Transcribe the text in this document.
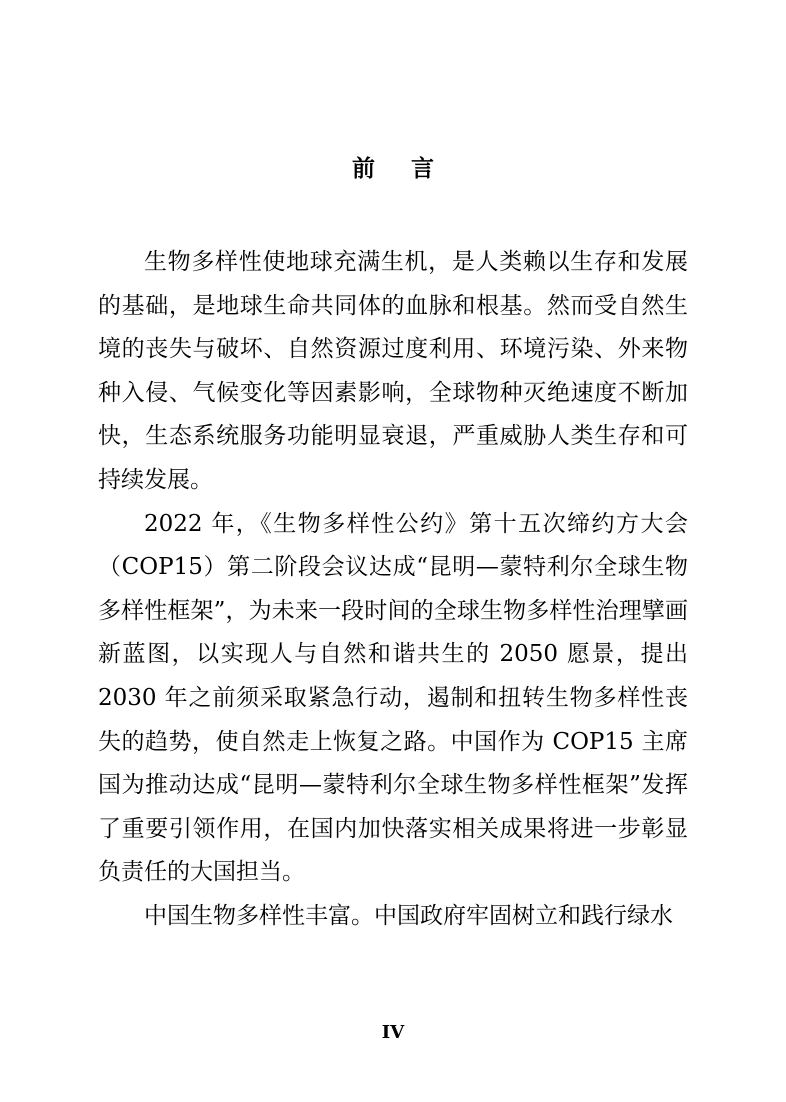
前言

生物多样性使地球充满生机，是人类赖以生存和发展的基础，是地球生命共同体的血脉和根基。然而受自然生境的丧失与破坏、自然资源过度利用、环境污染、外来物种入侵、气候变化等因素影响，全球物种灭绝速度不断加快，生态系统服务功能明显衰退，严重威胁人类生存和可持续发展。

2022 年，《生物多样性公约》第十五次缔约方大会（COP15）第二阶段会议达成“昆明—蒙特利尔全球生物多样性框架”，为未来一段时间的全球生物多样性治理擘画新蓝图，以实现人与自然和谐共生的 2050 愿景，提出 2030 年之前须采取紧急行动，遏制和扭转生物多样性丧失的趋势，使自然走上恢复之路。中国作为 COP15 主席国为推动达成“昆明—蒙特利尔全球生物多样性框架”发挥了重要引领作用，在国内加快落实相关成果将进一步彰显负责任的大国担当。

中国生物多样性丰富。中国政府牢固树立和践行绿水

IV
